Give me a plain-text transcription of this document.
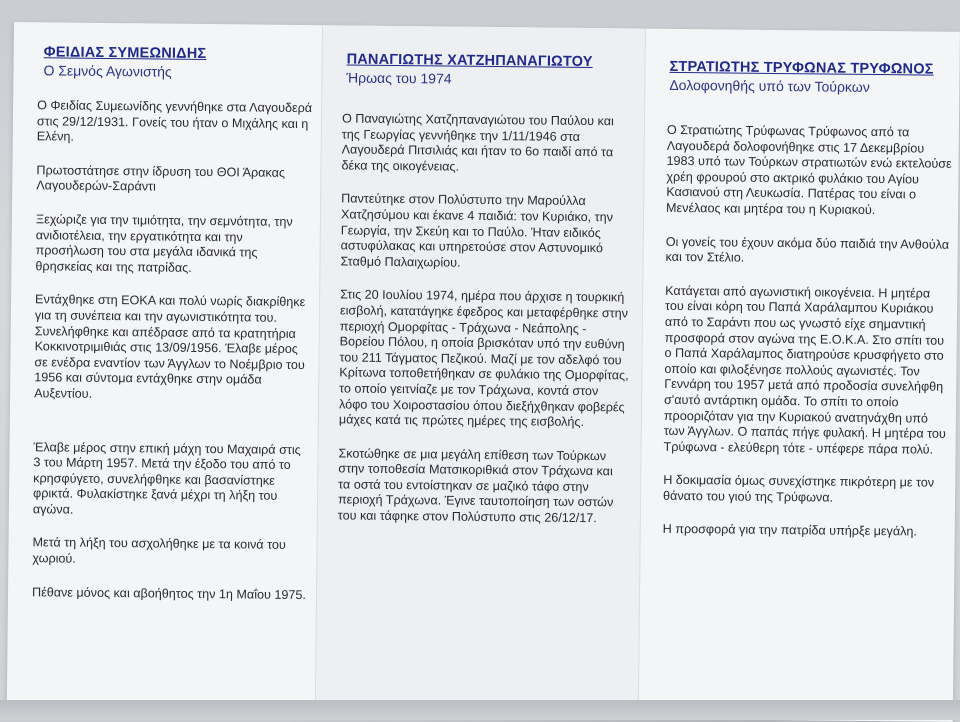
ΦΕΙΔΙΑΣ ΣΥΜΕΩΝΙΔΗΣ

Ο Σεμνός Αγωνιστής

Ο Φειδίας Συμεωνίδης γεννήθηκε στα Λαγουδερά στις 29/12/1931. Γονείς του ήταν ο Μιχάλης και η Ελένη.

Πρωτοστάτησε στην ίδρυση του ΘΟΙ Άρακας Λαγουδερών-Σαράντι

Ξεχώριζε για την τιμιότητα, την σεμνότητα, την ανιδιοτέλεια, την εργατικότητα και την προσήλωση του στα μεγάλα ιδανικά της θρησκείας και της πατρίδας.

Εντάχθηκε στη ΕΟΚΑ και πολύ νωρίς διακρίθηκε για τη συνέπεια και την αγωνιστικότητα του. Συνελήφθηκε και απέδρασε από τα κρατητήρια Κοκκινοτριμιθιάς στις 13/09/1956. Έλαβε μέρος σε ενέδρα εναντίον των Άγγλων το Νοέμβριο του 1956 και σύντομα εντάχθηκε στην ομάδα Αυξεντίου.

Έλαβε μέρος στην επική μάχη του Μαχαιρά στις 3 του Μάρτη 1957. Μετά την έξοδο του από το κρησφύγετο, συνελήφθηκε και βασανίστηκε φρικτά. Φυλακίστηκε ξανά μέχρι τη λήξη του αγώνα.

Μετά τη λήξη του ασχολήθηκε με τα κοινά του χωριού.

Πέθανε μόνος και αβοήθητος την 1η Μαΐου 1975.

ΠΑΝΑΓΙΩΤΗΣ ΧΑΤΖΗΠΑΝΑΓΙΩΤΟΥ

Ήρωας του 1974

Ο Παναγιώτης Χατζηπαναγιώτου του Παύλου και της Γεωργίας γεννήθηκε την 1/11/1946 στα Λαγουδερά Πιτσιλιάς και ήταν το 6ο παιδί από τα δέκα της οικογένειας.

Παντεύτηκε στον Πολύστυπο την Μαρούλλα Χατζησύμου και έκανε 4 παιδιά: τον Κυριάκο, την Γεωργία, την Σκεύη και το Παύλο. Ήταν ειδικός αστυφύλακας και υπηρετούσε στον Αστυνομικό Σταθμό Παλαιχωρίου.

Στις 20 Ιουλίου 1974, ημέρα που άρχισε η τουρκική εισβολή, κατατάγηκε έφεδρος και μεταφέρθηκε στην περιοχή Ομορφίτας - Τράχωνα - Νεάπολης - Βορείου Πόλου, η οποία βρισκόταν υπό την ευθύνη του 211 Τάγματος Πεζικού. Μαζί με τον αδελφό του Κρίτωνα τοποθετήθηκαν σε φυλάκιο της Ομορφίτας, το οποίο γειτνίαζε με τον Τράχωνα, κοντά στον λόφο του Χοιροστασίου όπου διεξήχθηκαν φοβερές μάχες κατά τις πρώτες ημέρες της εισβολής.

Σκοτώθηκε σε μια μεγάλη επίθεση των Τούρκων στην τοποθεσία Ματσικοριθκιά στον Τράχωνα και τα οστά του εντοίστηκαν σε μαζικό τάφο στην περιοχή Τράχωνα. Έγινε ταυτοποίηση των οστών του και τάφηκε στον Πολύστυπο στις 26/12/17.

ΣΤΡΑΤΙΩΤΗΣ ΤΡΥΦΩΝΑΣ ΤΡΥΦΩΝΟΣ

Δολοφονηθής υπό των Τούρκων

Ο Στρατιώτης Τρύφωνας Τρύφωνος από τα Λαγουδερά δολοφονήθηκε στις 17 Δεκεμβρίου 1983 υπό των Τούρκων στρατιωτών ενώ εκτελούσε χρέη φρουρού στο ακτρικό φυλάκιο του Αγίου Κασιανού στη Λευκωσία. Πατέρας του είναι ο Μενέλαος και μητέρα του η Κυριακού.

Οι γονείς του έχουν ακόμα δύο παιδιά την Ανθούλα και τον Στέλιο.

Κατάγεται από αγωνιστική οικογένεια. Η μητέρα του είναι κόρη του Παπά Χαράλαμπου Κυριάκου από το Σαράντι που ως γνωστό είχε σημαντική προσφορά στον αγώνα της Ε.Ο.Κ.Α. Στο σπίτι του ο Παπά Χαράλαμπος διατηρούσε κρυσφήγετο στο οποίο και φιλοξένησε πολλούς αγωνιστές. Τον Γεννάρη του 1957 μετά από προδοσία συνελήφθη σ'αυτό αντάρτικη ομάδα. Το σπίτι το οποίο προοριζόταν για την Κυριακού ανατηνάχθη υπό των Άγγλων. Ο παπάς πήγε φυλακή. Η μητέρα του Τρύφωνα - ελεύθερη τότε - υπέφερε πάρα πολύ.

Η δοκιμασία όμως συνεχίστηκε πικρότερη με τον θάνατο του γιού της Τρύφωνα.

Η προσφορά για την πατρίδα υπήρξε μεγάλη.
